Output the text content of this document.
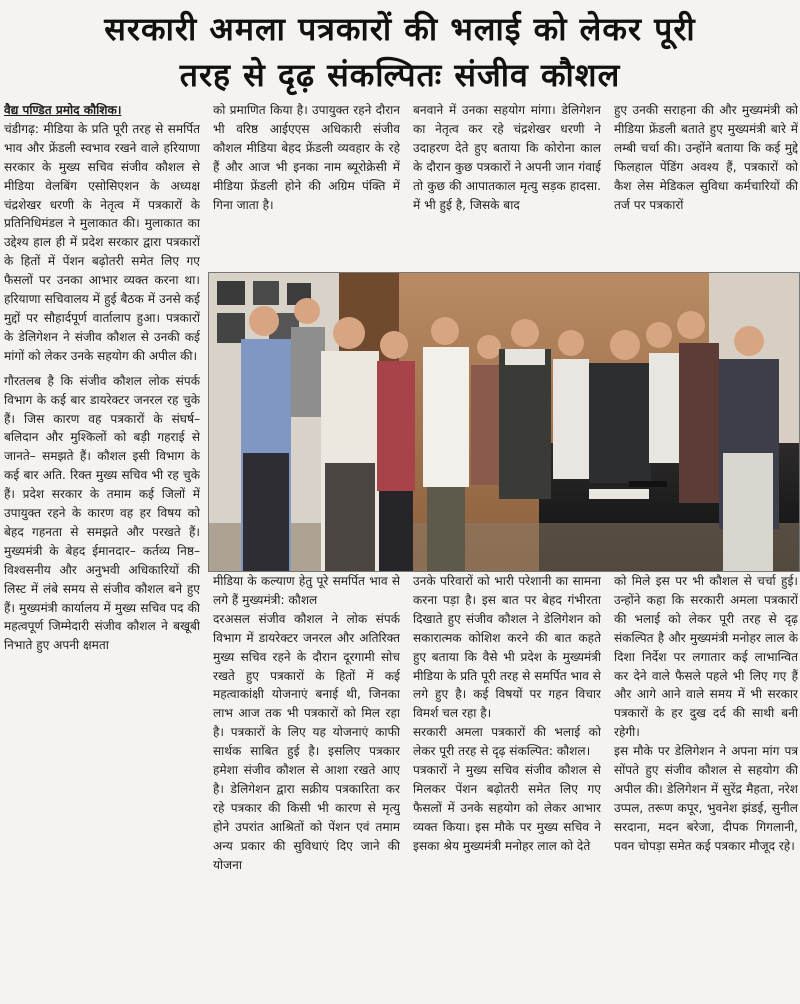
सरकारी अमला पत्रकारों की भलाई को लेकर पूरी
तरह से दृढ़ संकल्पितः संजीव कौशल

वैद्य पण्डित प्रमोद कौशिक।
चंडीगढ़: मीडिया के प्रति पूरी तरह से समर्पित भाव और फ्रेंडली स्वभाव रखने वाले हरियाणा सरकार के मुख्य सचिव संजीव कौशल से मीडिया वेलबिंग एसोसिएशन के अध्यक्ष चंद्रशेखर धरणी के नेतृत्व में पत्रकारों के प्रतिनिधिमंडल ने मुलाकात की। मुलाकात का उद्देश्य हाल ही में प्रदेश सरकार द्वारा पत्रकारों के हितों में पेंशन बढ़ोतरी समेत लिए गए फैसलों पर उनका आभार व्यक्त करना था। हरियाणा सचिवालय में हुई बैठक में उनसे कई मुद्दों पर सौहार्दपूर्ण वार्तालाप हुआ। पत्रकारों के डेलिगेशन ने संजीव कौशल से उनकी कई मांगों को लेकर उनके सहयोग की अपील की।

गौरतलब है कि संजीव कौशल लोक संपर्क विभाग के कई बार डायरेक्टर जनरल रह चुके हैं। जिस कारण वह पत्रकारों के संघर्ष– बलिदान और मुश्किलों को बड़ी गहराई से जानते– समझते हैं। कौशल इसी विभाग के कई बार अति. रिक्त मुख्य सचिव भी रह चुके हैं। प्रदेश सरकार के तमाम कई जिलों में उपायुक्त रहने के कारण वह हर विषय को बेहद गहनता से समझते और परखते हैं। मुख्यमंत्री के बेहद ईमानदार– कर्तव्य निष्ठ– विश्वसनीय और अनुभवी अधिकारियों की लिस्ट में लंबे समय से संजीव कौशल बने हुए हैं। मुख्यमंत्री कार्यालय में मुख्य सचिव पद की महत्वपूर्ण जिम्मेदारी संजीव कौशल ने बखूबी निभाते हुए अपनी क्षमता

को प्रमाणित किया है। उपायुक्त रहने दौरान भी वरिष्ठ आईएएस अधिकारी संजीव कौशल मीडिया बेहद फ्रेंडली व्यवहार के रहे हैं और आज भी इनका नाम ब्यूरोक्रेसी में मीडिया फ्रेंडली होने की अग्रिम पंक्ति में गिना जाता है।

बनवाने में उनका सहयोग मांगा। डेलिगेशन का नेतृत्व कर रहे चंद्रशेखर धरणी ने उदाहरण देते हुए बताया कि कोरोना काल के दौरान कुछ पत्रकारों ने अपनी जान गंवाई तो कुछ की आपातकाल मृत्यु सड़क हादसा. में भी हुई है, जिसके बाद

हुए उनकी सराहना की और मुख्यमंत्री को मीडिया फ्रेंडली बताते हुए मुख्यमंत्री बारे में लम्बी चर्चा की। उन्होंने बताया कि कई मुद्दे फिलहाल पेंडिंग अवश्य हैं, पत्रकारों को कैश लेस मेडिकल सुविधा कर्मचारियों की तर्ज पर पत्रकारों

मीडिया के कल्याण हेतु पूरे समर्पित भाव से लगे हैं मुख्यमंत्री: कौशल
दरअसल संजीव कौशल ने लोक संपर्क विभाग में डायरेक्टर जनरल और अतिरिक्त मुख्य सचिव रहने के दौरान दूरगामी सोच रखते हुए पत्रकारों के हितों में कई महत्वाकांक्षी योजनाएं बनाई थी, जिनका लाभ आज तक भी पत्रकारों को मिल रहा है। पत्रकारों के लिए यह योजनाएं काफी सार्थक साबित हुई है। इसलिए पत्रकार हमेशा संजीव कौशल से आशा रखते आए है। डेलिगेशन द्वारा सक्रीय पत्रकारिता कर रहे पत्रकार की किसी भी कारण से मृत्यु होने उपरांत आश्रितों को पेंशन एवं तमाम अन्य प्रकार की सुविधाएं दिए जाने की योजना

उनके परिवारों को भारी परेशानी का सामना करना पड़ा है। इस बात पर बेहद गंभीरता दिखाते हुए संजीव कौशल ने डेलिगेशन को सकारात्मक कोशिश करने की बात कहते हुए बताया कि वैसे भी प्रदेश के मुख्यमंत्री मीडिया के प्रति पूरी तरह से समर्पित भाव से लगे हुए है। कई विषयों पर गहन विचार विमर्श चल रहा है।
सरकारी अमला पत्रकारों की भलाई को लेकर पूरी तरह से दृढ़ संकल्पित: कौशल।
पत्रकारों ने मुख्य सचिव संजीव कौशल से मिलकर पेंशन बढ़ोतरी समेत लिए गए फैसलों में उनके सहयोग को लेकर आभार व्यक्त किया। इस मौके पर मुख्य सचिव ने इसका श्रेय मुख्यमंत्री मनोहर लाल को देते

को मिले इस पर भी कौशल से चर्चा हुई। उन्होंने कहा कि सरकारी अमला पत्रकारों की भलाई को लेकर पूरी तरह से दृढ़ संकल्पित है और मुख्यमंत्री मनोहर लाल के दिशा निर्देश पर लगातार कई लाभान्वित कर देने वाले फैसले पहले भी लिए गए हैं और आगे आने वाले समय में भी सरकार पत्रकारों के हर दुख दर्द की साथी बनी रहेगी।
इस मौके पर डेलिगेशन ने अपना मांग पत्र सोंपते हुए संजीव कौशल से सहयोग की अपील की। डेलिगेशन में सुरेंद्र मैहता, नरेश उप्पल, तरूण कपूर, भुवनेश झंडई, सुनील सरदाना, मदन बरेजा, दीपक गिगलानी, पवन चोपड़ा समेत कई पत्रकार मौजूद रहे।
